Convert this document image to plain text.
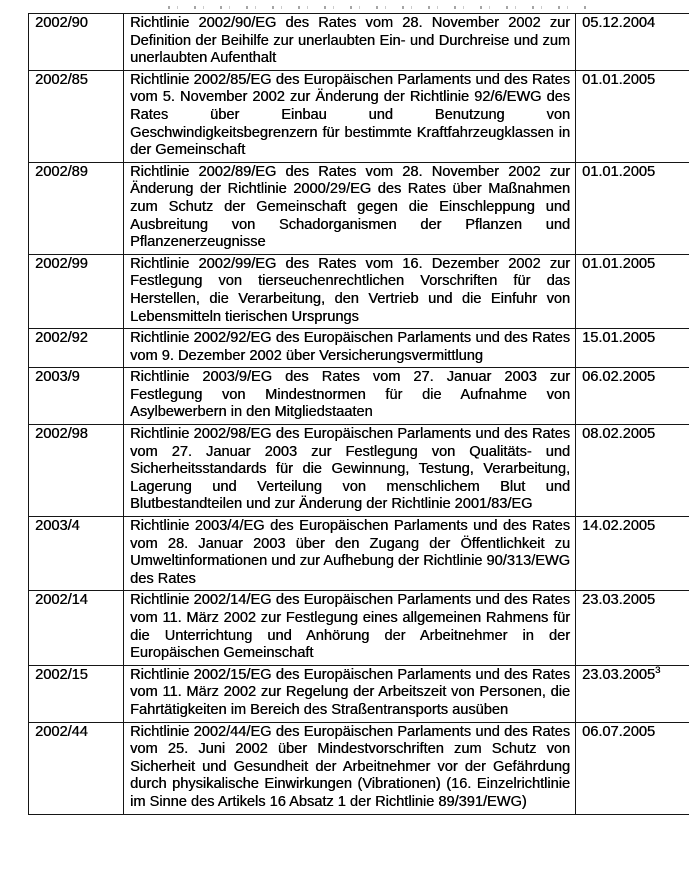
2002/90	Richtlinie 2002/90/EG des Rates vom 28. November 2002 zur Definition der Beihilfe zur unerlaubten Ein- und Durchreise und zum unerlaubten Aufenthalt	05.12.2004
2002/85	Richtlinie 2002/85/EG des Europäischen Parlaments und des Rates vom 5. November 2002 zur Änderung der Richtlinie 92/6/EWG des Rates über Einbau und Benutzung von Geschwindigkeitsbegrenzern für bestimmte Kraftfahrzeugklassen in der Gemeinschaft	01.01.2005
2002/89	Richtlinie 2002/89/EG des Rates vom 28. November 2002 zur Änderung der Richtlinie 2000/29/EG des Rates über Maßnahmen zum Schutz der Gemeinschaft gegen die Einschleppung und Ausbreitung von Schadorganismen der Pflanzen und Pflanzenerzeugnisse	01.01.2005
2002/99	Richtlinie 2002/99/EG des Rates vom 16. Dezember 2002 zur Festlegung von tierseuchenrechtlichen Vorschriften für das Herstellen, die Verarbeitung, den Vertrieb und die Einfuhr von Lebensmitteln tierischen Ursprungs	01.01.2005
2002/92	Richtlinie 2002/92/EG des Europäischen Parlaments und des Rates vom 9. Dezember 2002 über Versicherungsvermittlung	15.01.2005
2003/9	Richtlinie 2003/9/EG des Rates vom 27. Januar 2003 zur Festlegung von Mindestnormen für die Aufnahme von Asylbewerbern in den Mitgliedstaaten	06.02.2005
2002/98	Richtlinie 2002/98/EG des Europäischen Parlaments und des Rates vom 27. Januar 2003 zur Festlegung von Qualitäts- und Sicherheitsstandards für die Gewinnung, Testung, Verarbeitung, Lagerung und Verteilung von menschlichem Blut und Blutbestandteilen und zur Änderung der Richtlinie 2001/83/EG	08.02.2005
2003/4	Richtlinie 2003/4/EG des Europäischen Parlaments und des Rates vom 28. Januar 2003 über den Zugang der Öffentlichkeit zu Umweltinformationen und zur Aufhebung der Richtlinie 90/313/EWG des Rates	14.02.2005
2002/14	Richtlinie 2002/14/EG des Europäischen Parlaments und des Rates vom 11. März 2002 zur Festlegung eines allgemeinen Rahmens für die Unterrichtung und Anhörung der Arbeitnehmer in der Europäischen Gemeinschaft	23.03.2005
2002/15	Richtlinie 2002/15/EG des Europäischen Parlaments und des Rates vom 11. März 2002 zur Regelung der Arbeitszeit von Personen, die Fahrtätigkeiten im Bereich des Straßentransports ausüben	23.03.2005$^3$
2002/44	Richtlinie 2002/44/EG des Europäischen Parlaments und des Rates vom 25. Juni 2002 über Mindestvorschriften zum Schutz von Sicherheit und Gesundheit der Arbeitnehmer vor der Gefährdung durch physikalische Einwirkungen (Vibrationen) (16. Einzelrichtlinie im Sinne des Artikels 16 Absatz 1 der Richtlinie 89/391/EWG)	06.07.2005
